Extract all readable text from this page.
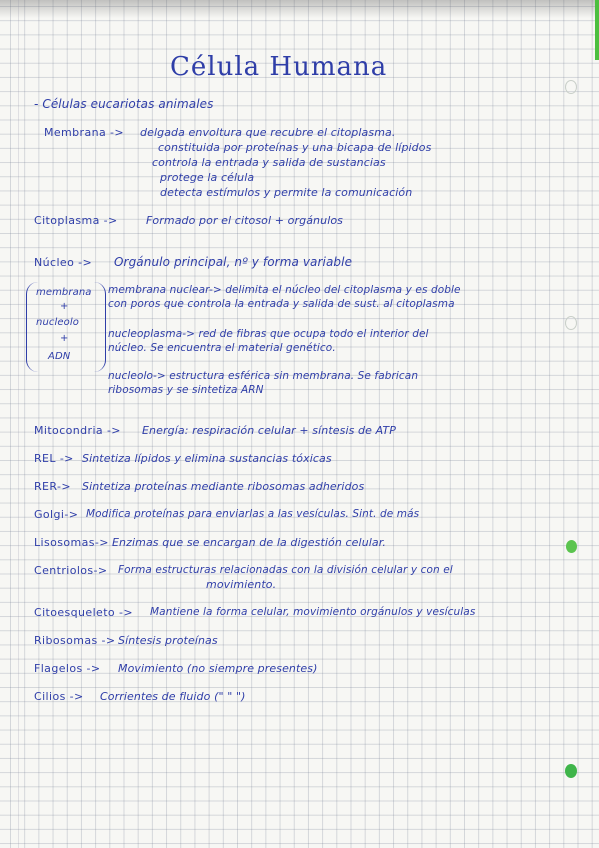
Célula Humana
- Células eucariotas animales
Membrana -> delgada envoltura que recubre el citoplasma.
constituida por proteínas y una bicapa de lípidos
controla la entrada y salida de sustancias
protege la célula
detecta estímulos y permite la comunicación
Citoplasma ->	Formado por el citosol + orgánulos
Núcleo -> Orgánulo principal, nº y forma variable
membrana
+
nucleolo
+
ADN
membrana nuclear-> delimita el núcleo del citoplasma y es doble
con poros que controla la entrada y salida de sust. al citoplasma
nucleoplasma-> red de fibras que ocupa todo el interior del
núcleo. Se encuentra el material genético.
nucleolo-> estructura esférica sin membrana. Se fabrican
ribosomas y se sintetiza ARN
Mitocondria -> Energía: respiración celular + síntesis de ATP
REL -> Sintetiza lípidos y elimina sustancias tóxicas
RER-> Sintetiza proteínas mediante ribosomas adheridos
Golgi-> Modifica proteínas para enviarlas a las vesículas. Sint. de más
Lisosomas-> Enzimas que se encargan de la digestión celular.
Centriolos-> Forma estructuras relacionadas con la división celular y con el
movimiento.
Citoesqueleto -> Mantiene la forma celular, movimiento orgánulos y vesículas
Ribosomas -> Síntesis proteínas
Flagelos -> Movimiento (no siempre presentes)
Cilios -> Corrientes de fluido (" " ")
